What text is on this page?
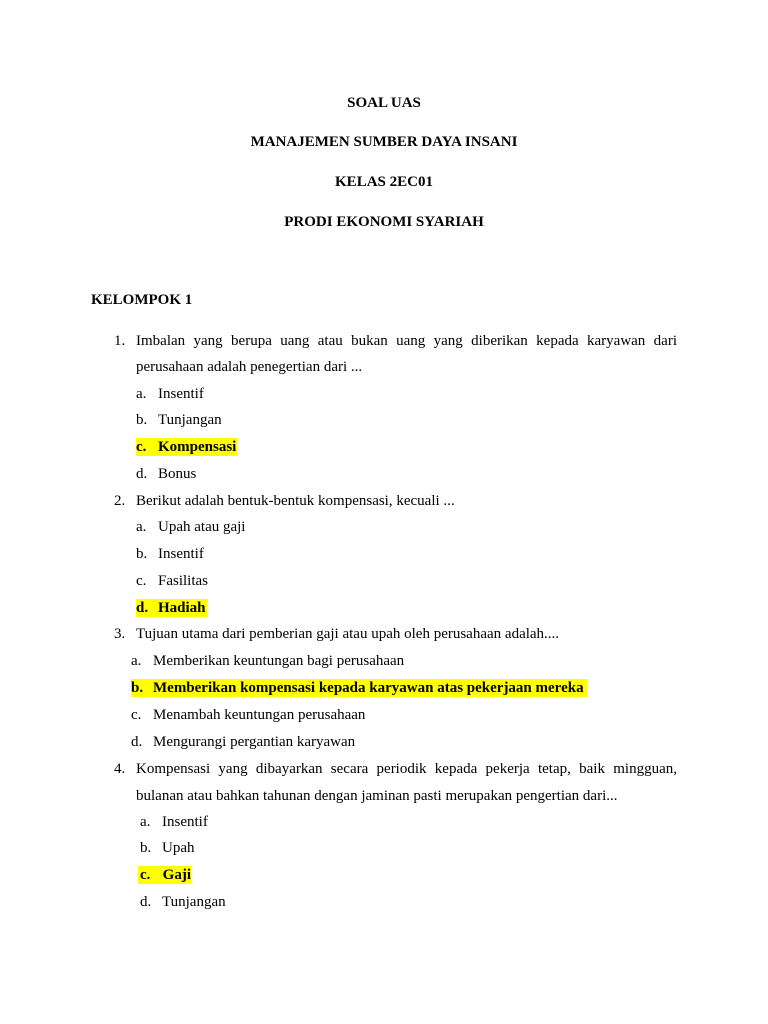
SOAL UAS
MANAJEMEN SUMBER DAYA INSANI
KELAS 2EC01
PRODI EKONOMI SYARIAH
KELOMPOK 1
1. Imbalan yang berupa uang atau bukan uang yang diberikan kepada karyawan dari
perusahaan adalah penegertian dari ...
a. Insentif
b. Tunjangan
c. Kompensasi
d. Bonus
2. Berikut adalah bentuk-bentuk kompensasi, kecuali ...
a. Upah atau gaji
b. Insentif
c. Fasilitas
d. Hadiah
3. Tujuan utama dari pemberian gaji atau upah oleh perusahaan adalah....
a. Memberikan keuntungan bagi perusahaan
b. Memberikan kompensasi kepada karyawan atas pekerjaan mereka
c. Menambah keuntungan perusahaan
d. Mengurangi pergantian karyawan
4. Kompensasi yang dibayarkan secara periodik kepada pekerja tetap, baik mingguan,
bulanan atau bahkan tahunan dengan jaminan pasti merupakan pengertian dari...
a. Insentif
b. Upah
c. Gaji
d. Tunjangan
